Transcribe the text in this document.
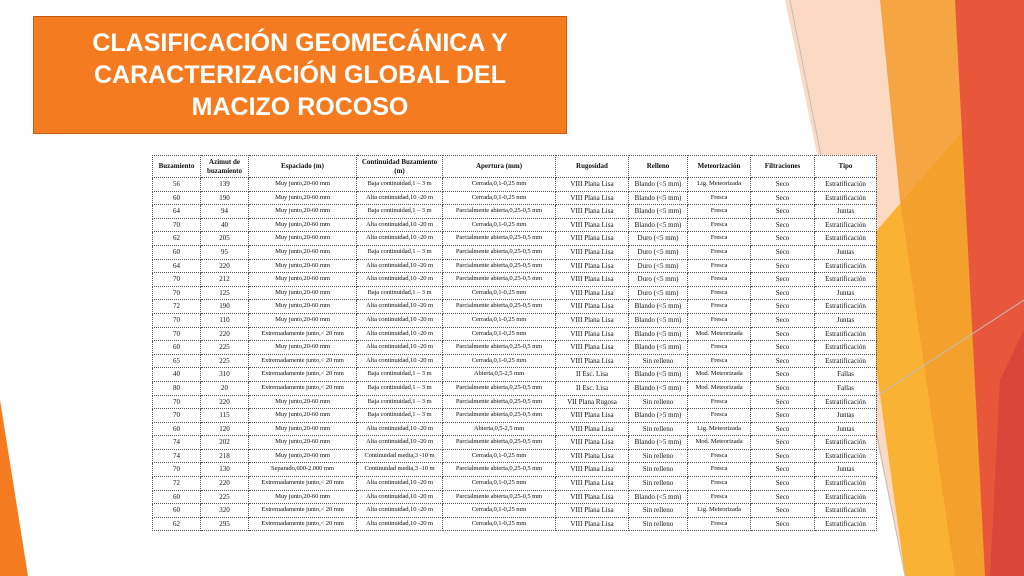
CLASIFICACIÓN GEOMECÁNICA Y
CARACTERIZACIÓN GLOBAL DEL
MACIZO ROCOSO
Buzamiento	Azimut de buzamiento	Espaciado (m)	Continuidad Buzamiento (m)	Apertura (mm)	Rugosidad	Relleno	Meteorización	Filtraciones	Tipo
56	139	Muy junto,20-60 mm	Baja continuidad,1 – 3 m	Cerrada,0,1-0,25 mm	VIII Plana Lisa	Blando (<5 mm)	Lig. Meteorizada	Seco	Estratificación
60	190	Muy junto,20-60 mm	Alta continuidad,10 -20 m	Cerrada,0,1-0,25 mm	VIII Plana Lisa	Blando (<5 mm)	Fresca	Seco	Estratificación
64	94	Muy junto,20-60 mm	Baja continuidad,1 – 3 m	Parcialmente abierta,0,25-0,5 mm	VIII Plana Lisa	Blando (<5 mm)	Fresca	Seco	Juntas
70	40	Muy junto,20-60 mm	Alta continuidad,10 -20 m	Cerrada,0,1-0,25 mm	VIII Plana Lisa	Blando (<5 mm)	Fresca	Seco	Estratificación
62	205	Muy junto,20-60 mm	Alta continuidad,10 -20 m	Parcialmente abierta,0,25-0,5 mm	VIII Plana Lisa	Duro (<5 mm)	Fresca	Seco	Estratificación
60	95	Muy junto,20-60 mm	Baja continuidad,1 – 3 m	Parcialmente abierta,0,25-0,5 mm	VIII Plana Lisa	Duro (<5 mm)	Fresca	Seco	Juntas
64	220	Muy junto,20-60 mm	Alta continuidad,10 -20 m	Parcialmente abierta,0,25-0,5 mm	VIII Plana Lisa	Duro (<5 mm)	Fresca	Seco	Estratificación
70	212	Muy junto,20-60 mm	Alta continuidad,10 -20 m	Parcialmente abierta,0,25-0,5 mm	VIII Plana Lisa	Duro (<5 mm)	Fresca	Seco	Estratificación
70	125	Muy junto,20-60 mm	Baja continuidad,1 – 3 m	Cerrada,0,1-0,25 mm	VIII Plana Lisa	Duro (<5 mm)	Fresca	Seco	Juntas
72	190	Muy junto,20-60 mm	Alta continuidad,10 -20 m	Parcialmente abierta,0,25-0,5 mm	VIII Plana Lisa	Blando (<5 mm)	Fresca	Seco	Estratificación
70	110	Muy junto,20-60 mm	Alta continuidad,10 -20 m	Cerrada,0,1-0,25 mm	VIII Plana Lisa	Blando (<5 mm)	Fresca	Seco	Juntas
70	220	Extremadamente junto,< 20 mm	Alta continuidad,10 -20 m	Cerrada,0,1-0,25 mm	VIII Plana Lisa	Blando (<5 mm)	Mod. Meteorizada	Seco	Estratificación
60	225	Muy junto,20-60 mm	Alta continuidad,10 -20 m	Parcialmente abierta,0,25-0,5 mm	VIII Plana Lisa	Blando (<5 mm)	Fresca	Seco	Estratificación
65	225	Extremadamente junto,< 20 mm	Alta continuidad,10 -20 m	Cerrada,0,1-0,25 mm	VIII Plana Lisa	Sin relleno	Fresca	Seco	Estratificación
40	310	Extremadamente junto,< 20 mm	Baja continuidad,1 – 3 m	Abierta,0,5-2,5 mm	II Esc. Lisa	Blando (<5 mm)	Mod. Meteorizada	Seco	Fallas
80	20	Extremadamente junto,< 20 mm	Baja continuidad,1 – 3 m	Parcialmente abierta,0,25-0,5 mm	II Esc. Lisa	Blando (<5 mm)	Mod. Meteorizada	Seco	Fallas
70	220	Muy junto,20-60 mm	Baja continuidad,1 – 3 m	Parcialmente abierta,0,25-0,5 mm	VII Plana Rugosa	Sin relleno	Fresca	Seco	Estratificación
70	115	Muy junto,20-60 mm	Baja continuidad,1 – 3 m	Parcialmente abierta,0,25-0,5 mm	VIII Plana Lisa	Blando (>5 mm)	Fresca	Seco	Juntas
60	120	Muy junto,20-60 mm	Alta continuidad,10 -20 m	Abierta,0,5-2,5 mm	VIII Plana Lisa	Sin relleno	Lig. Meteorizada	Seco	Juntas
74	202	Muy junto,20-60 mm	Alta continuidad,10 -20 m	Parcialmente abierta,0,25-0,5 mm	VIII Plana Lisa	Blando (>5 mm)	Mod. Meteorizada	Seco	Estratificación
74	218	Muy junto,20-60 mm	Continuidad media,3 -10 m	Cerrada,0,1-0,25 mm	VIII Plana Lisa	Sin relleno	Fresca	Seco	Estratificación
70	130	Separado,600-2.000 mm	Continuidad media,3 -10 m	Parcialmente abierta,0,25-0,5 mm	VIII Plana Lisa	Sin relleno	Fresca	Seco	Juntas
72	220	Extremadamente junto,< 20 mm	Alta continuidad,10 -20 m	Cerrada,0,1-0,25 mm	VIII Plana Lisa	Sin relleno	Fresca	Seco	Estratificación
60	225	Muy junto,20-60 mm	Alta continuidad,10 -20 m	Parcialmente abierta,0,25-0,5 mm	VIII Plana Lisa	Blando (<5 mm)	Fresca	Seco	Estratificación
60	320	Extremadamente junto,< 20 mm	Alta continuidad,10 -20 m	Cerrada,0,1-0,25 mm	VIII Plana Lisa	Sin relleno	Lig. Meteorizada	Seco	Estratificación
62	295	Extremadamente junto,< 20 mm	Alta continuidad,10 -20 m	Cerrada,0,1-0,25 mm	VIII Plana Lisa	Sin relleno	Fresca	Seco	Estratificación
